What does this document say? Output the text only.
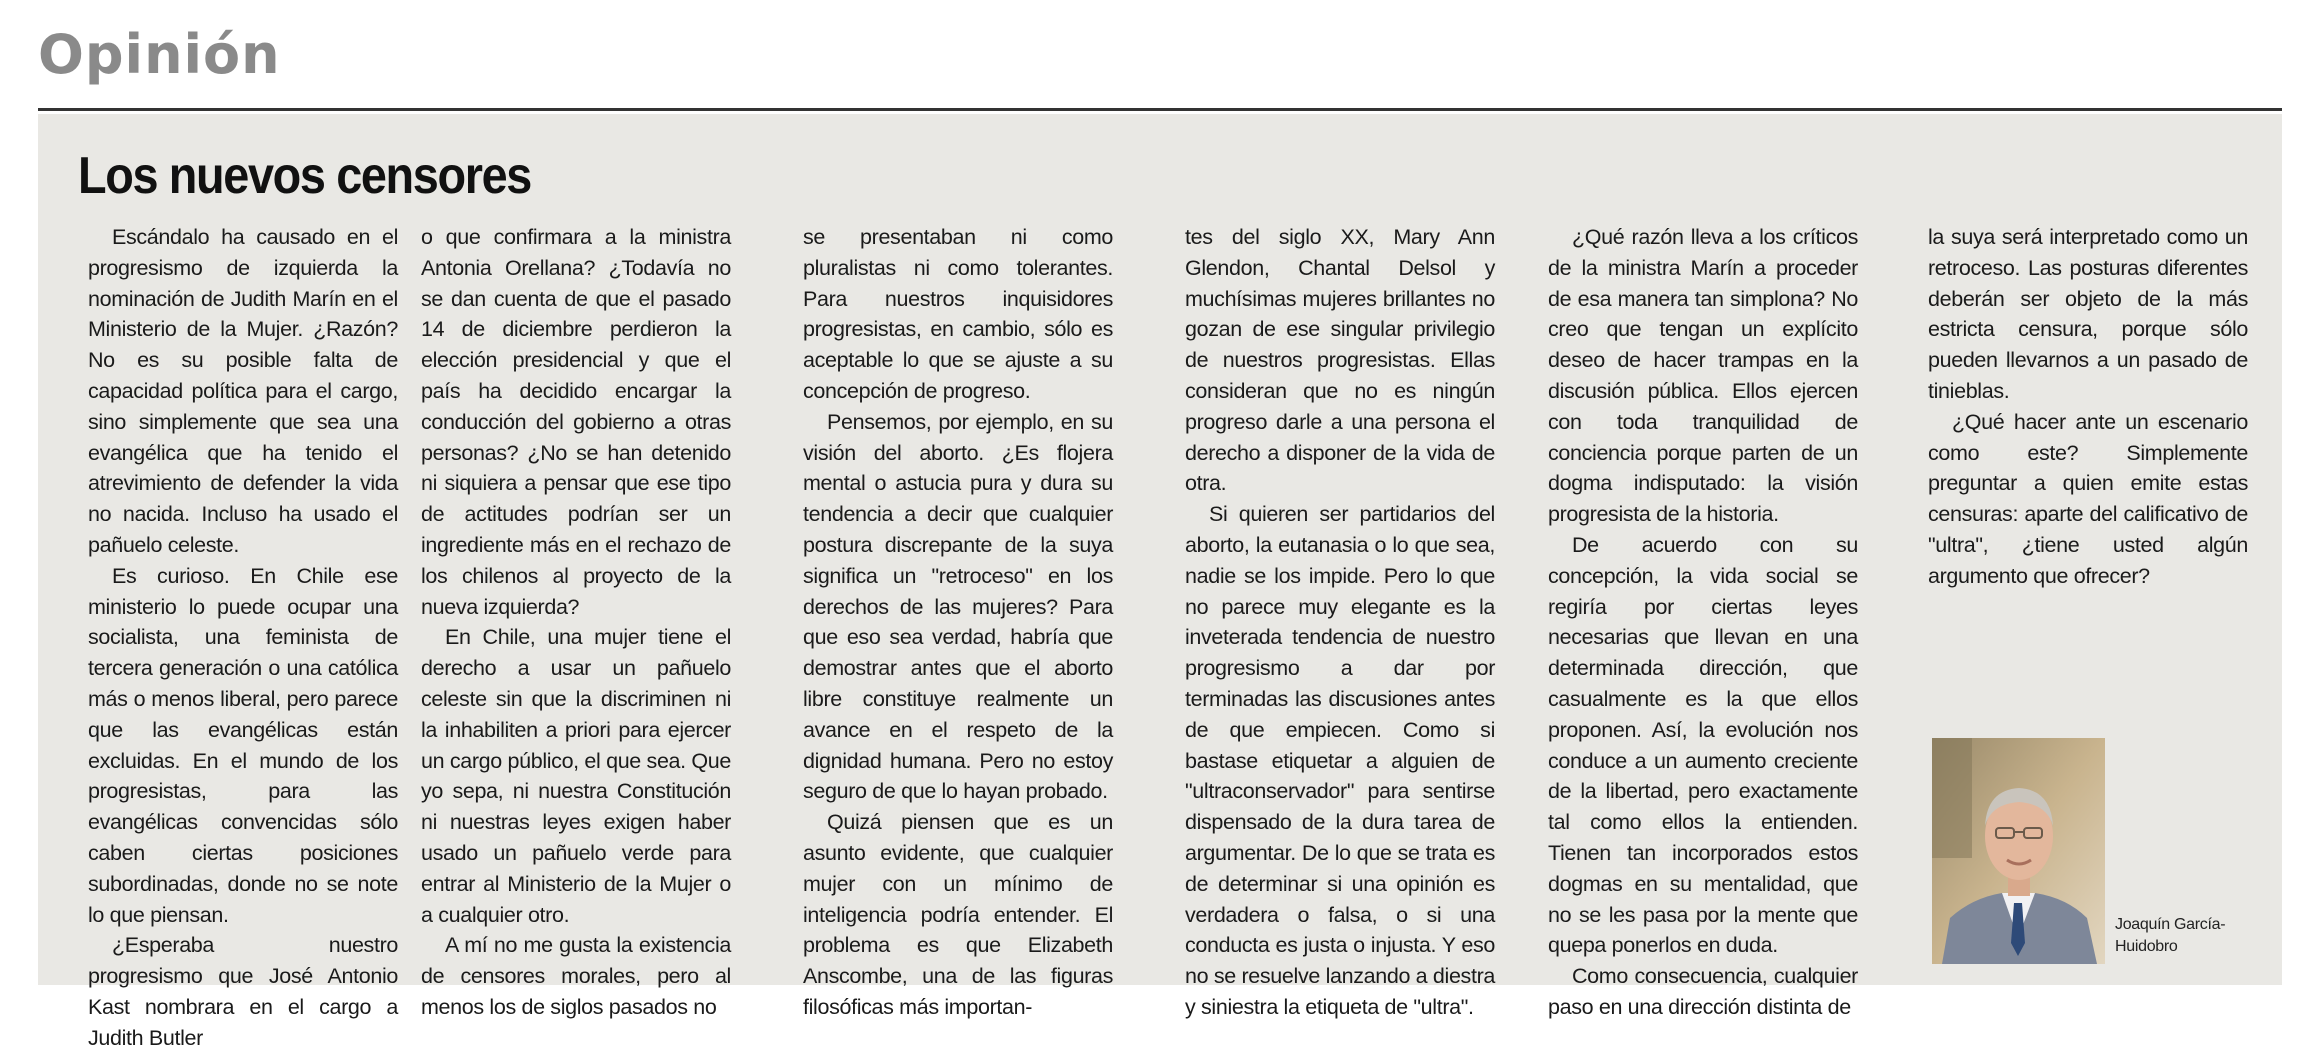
Opinión
Los nuevos censores

Escándalo ha causado en el progresismo de izquierda la nominación de Judith Marín en el Ministerio de la Mujer. ¿Razón? No es su posible falta de capacidad política para el cargo, sino simplemente que sea una evangélica que ha tenido el atrevimiento de defender la vida no nacida. Incluso ha usado el pañuelo celeste.

Es curioso. En Chile ese ministerio lo puede ocupar una socialista, una feminista de tercera generación o una católica más o menos liberal, pero parece que las evangélicas están excluidas. En el mundo de los progresistas, para las evangélicas convencidas sólo caben ciertas posiciones subordinadas, donde no se note lo que piensan.

¿Esperaba nuestro progresismo que José Antonio Kast nombrara en el cargo a Judith Butler

o que confirmara a la ministra Antonia Orellana? ¿Todavía no se dan cuenta de que el pasado 14 de diciembre perdieron la elección presidencial y que el país ha decidido encargar la conducción del gobierno a otras personas? ¿No se han detenido ni siquiera a pensar que ese tipo de actitudes podrían ser un ingrediente más en el rechazo de los chilenos al proyecto de la nueva izquierda?

En Chile, una mujer tiene el derecho a usar un pañuelo celeste sin que la discriminen ni la inhabiliten a priori para ejercer un cargo público, el que sea. Que yo sepa, ni nuestra Constitución ni nuestras leyes exigen haber usado un pañuelo verde para entrar al Ministerio de la Mujer o a cualquier otro.

A mí no me gusta la existencia de censores morales, pero al menos los de siglos pasados no

se presentaban ni como pluralistas ni como tolerantes. Para nuestros inquisidores progresistas, en cambio, sólo es aceptable lo que se ajuste a su concepción de progreso.

Pensemos, por ejemplo, en su visión del aborto. ¿Es flojera mental o astucia pura y dura su tendencia a decir que cualquier postura discrepante de la suya significa un "retroceso" en los derechos de las mujeres? Para que eso sea verdad, habría que demostrar antes que el aborto libre constituye realmente un avance en el respeto de la dignidad humana. Pero no estoy seguro de que lo hayan probado.

Quizá piensen que es un asunto evidente, que cualquier mujer con un mínimo de inteligencia podría entender. El problema es que Elizabeth Anscombe, una de las figuras filosóficas más importan-

tes del siglo XX, Mary Ann Glendon, Chantal Delsol y muchísimas mujeres brillantes no gozan de ese singular privilegio de nuestros progresistas. Ellas consideran que no es ningún progreso darle a una persona el derecho a disponer de la vida de otra.

Si quieren ser partidarios del aborto, la eutanasia o lo que sea, nadie se los impide. Pero lo que no parece muy elegante es la inveterada tendencia de nuestro progresismo a dar por terminadas las discusiones antes de que empiecen. Como si bastase etiquetar a alguien de "ultraconservador" para sentirse dispensado de la dura tarea de argumentar. De lo que se trata es de determinar si una opinión es verdadera o falsa, o si una conducta es justa o injusta. Y eso no se resuelve lanzando a diestra y siniestra la etiqueta de "ultra".

¿Qué razón lleva a los críticos de la ministra Marín a proceder de esa manera tan simplona? No creo que tengan un explícito deseo de hacer trampas en la discusión pública. Ellos ejercen con toda tranquilidad de conciencia porque parten de un dogma indisputado: la visión progresista de la historia.

De acuerdo con su concepción, la vida social se regiría por ciertas leyes necesarias que llevan en una determinada dirección, que casualmente es la que ellos proponen. Así, la evolución nos conduce a un aumento creciente de la libertad, pero exactamente tal como ellos la entienden. Tienen tan incorporados estos dogmas en su mentalidad, que no se les pasa por la mente que quepa ponerlos en duda.

Como consecuencia, cualquier paso en una dirección distinta de

la suya será interpretado como un retroceso. Las posturas diferentes deberán ser objeto de la más estricta censura, porque sólo pueden llevarnos a un pasado de tinieblas.

¿Qué hacer ante un escenario como este? Simplemente preguntar a quien emite estas censuras: aparte del calificativo de "ultra", ¿tiene usted algún argumento que ofrecer?

Joaquín García-
Huidobro
